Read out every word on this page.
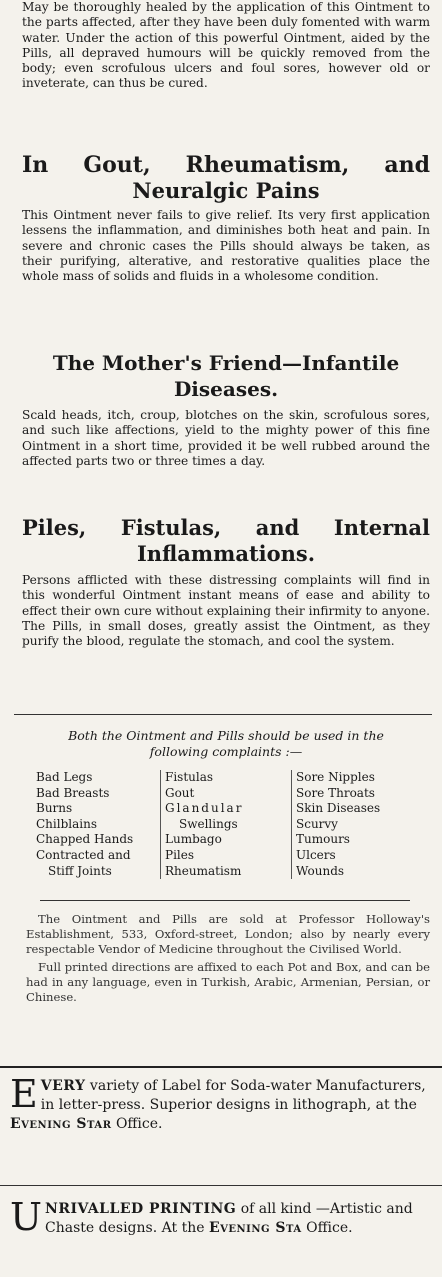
May be thoroughly healed by the application of this Ointment to the parts affected, after they have been duly fomented with warm water. Under the action of this powerful Ointment, aided by the Pills, all depraved humours will be quickly removed from the body; even scrofulous ulcers and foul sores, however old or inveterate, can thus be cured.

In Gout, Rheumatism, and

Neuralgic Pains

This Ointment never fails to give relief. Its very first application lessens the inflammation, and diminishes both heat and pain. In severe and chronic cases the Pills should always be taken, as their purifying, alterative, and restorative qualities place the whole mass of solids and fluids in a wholesome condition.

The Mother's Friend—Infantile

Diseases.

Scald heads, itch, croup, blotches on the skin, scrofulous sores, and such like affections, yield to the mighty power of this fine Ointment in a short time, provided it be well rubbed around the affected parts two or three times a day.

Piles, Fistulas, and Internal

Inflammations.

Persons afflicted with these distressing complaints will find in this wonderful Ointment instant means of ease and ability to effect their own cure without explaining their infirmity to anyone. The Pills, in small doses, greatly assist the Ointment, as they purify the blood, regulate the stomach, and cool the system.

Both the Ointment and Pills should be used in the

following complaints :—

Bad Legs
Bad Breasts
Burns
Chilblains
Chapped Hands
Contracted and
Stiff Joints
Fistulas
Gout
Glandular
Swellings
Lumbago
Piles
Rheumatism
Sore Nipples
Sore Throats
Skin Diseases
Scurvy
Tumours
Ulcers
Wounds

The Ointment and Pills are sold at Professor Holloway's Establishment, 533, Oxford-street, London; also by nearly every respectable Vendor of Medicine throughout the Civilised World.

Full printed directions are affixed to each Pot and Box, and can be had in any language, even in Turkish, Arabic, Armenian, Persian, or Chinese.

EVERY variety of Label for Soda-water Manufacturers, in letter-press. Superior designs in lithograph, at the Evening Star Office.
UNRIVALLED PRINTING of all kind —Artistic and Chaste designs. At the Evening Sta Office.
